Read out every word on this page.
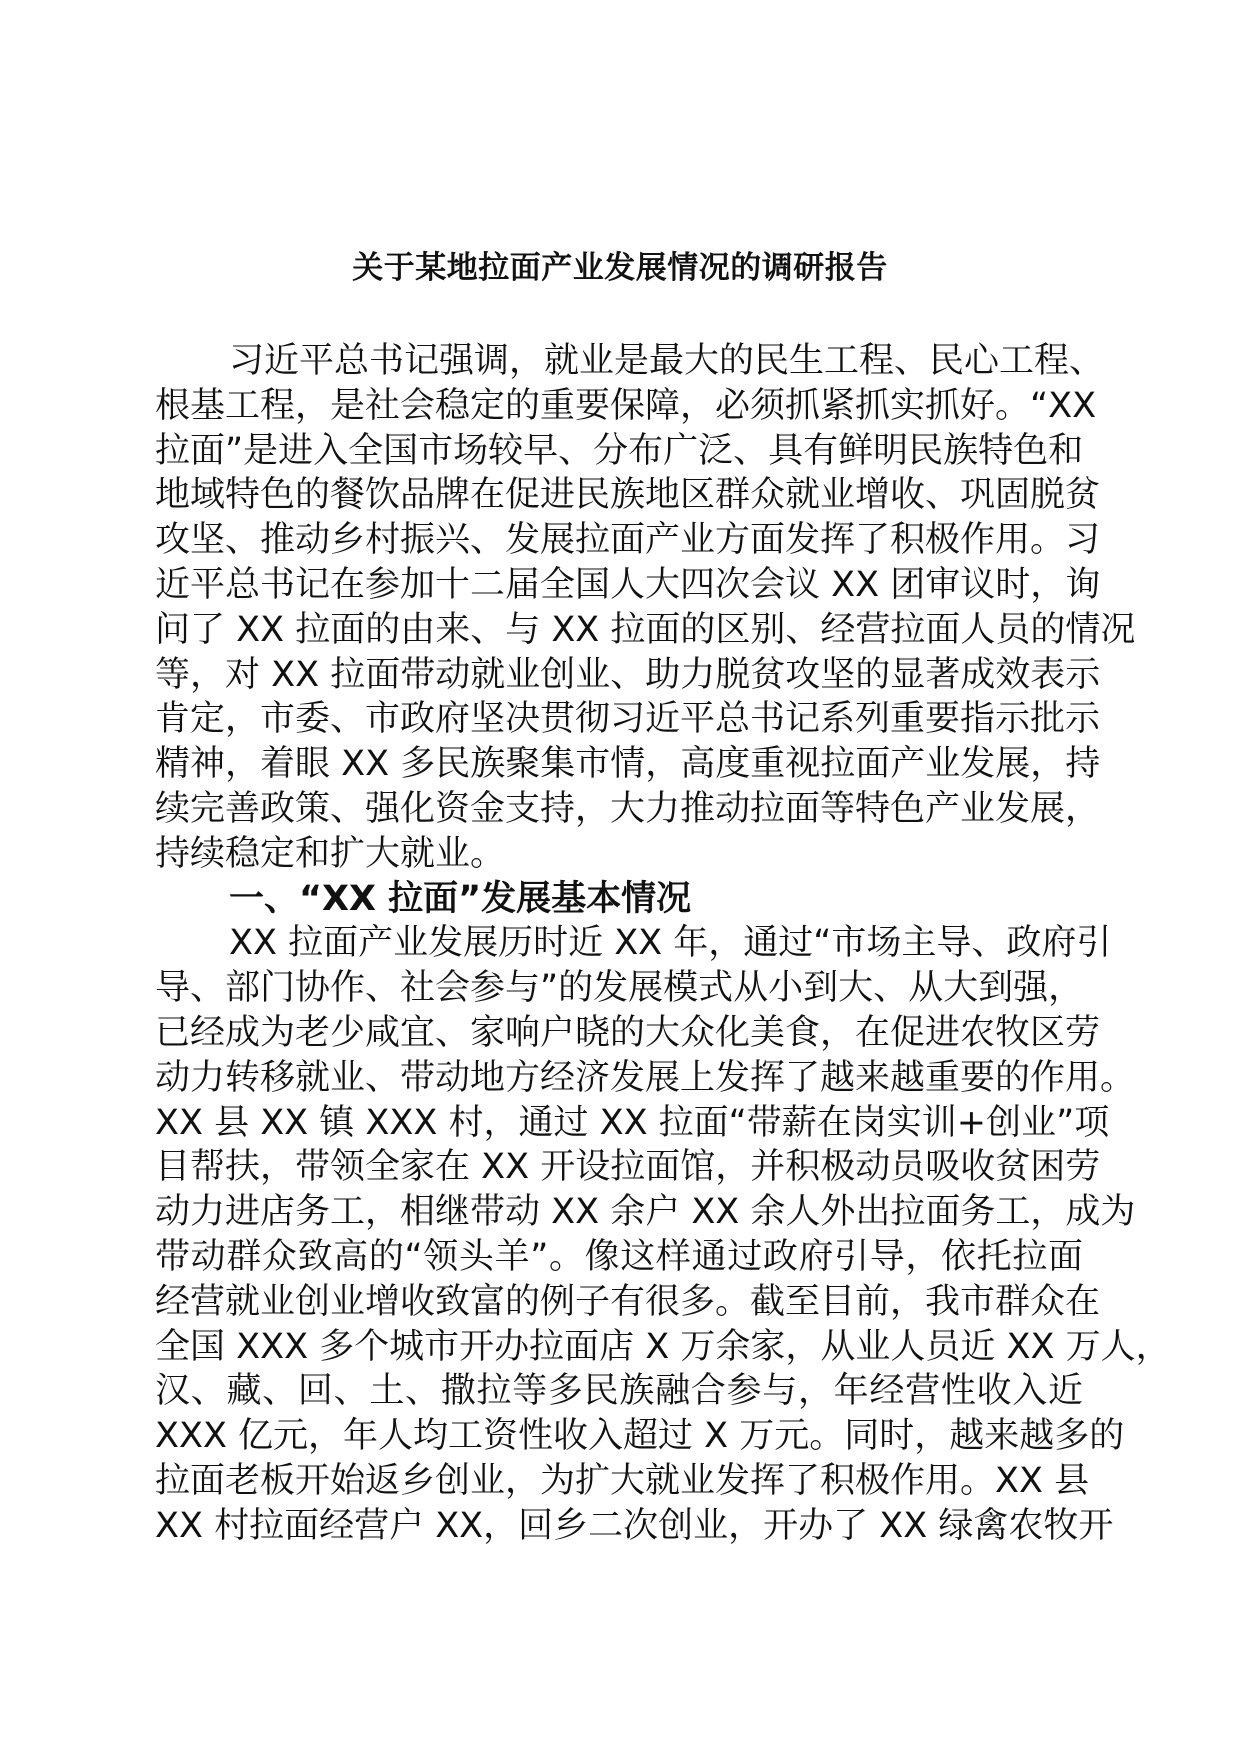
关于某地拉面产业发展情况的调研报告
习近平总书记强调，就业是最大的民生工程、民心工程、
根基工程，是社会稳定的重要保障，必须抓紧抓实抓好。“XX
拉面”是进入全国市场较早、分布广泛、具有鲜明民族特色和
地域特色的餐饮品牌在促进民族地区群众就业增收、巩固脱贫
攻坚、推动乡村振兴、发展拉面产业方面发挥了积极作用。习
近平总书记在参加十二届全国人大四次会议 XX 团审议时，询
问了 XX 拉面的由来、与 XX 拉面的区别、经营拉面人员的情况
等，对 XX 拉面带动就业创业、助力脱贫攻坚的显著成效表示
肯定，市委、市政府坚决贯彻习近平总书记系列重要指示批示
精神，着眼 XX 多民族聚集市情，高度重视拉面产业发展，持
续完善政策、强化资金支持，大力推动拉面等特色产业发展，
持续稳定和扩大就业。
一、“XX 拉面”发展基本情况
XX 拉面产业发展历时近 XX 年，通过“市场主导、政府引
导、部门协作、社会参与”的发展模式从小到大、从大到强，
已经成为老少咸宜、家响户晓的大众化美食，在促进农牧区劳
动力转移就业、带动地方经济发展上发挥了越来越重要的作用。
XX 县 XX 镇 XXX 村，通过 XX 拉面“带薪在岗实训+创业”项
目帮扶，带领全家在 XX 开设拉面馆，并积极动员吸收贫困劳
动力进店务工，相继带动 XX 余户 XX 余人外出拉面务工，成为
带动群众致高的“领头羊”。像这样通过政府引导，依托拉面
经营就业创业增收致富的例子有很多。截至目前，我市群众在
全国 XXX 多个城市开办拉面店 X 万余家，从业人员近 XX 万人，
汉、藏、回、土、撒拉等多民族融合参与，年经营性收入近
XXX 亿元，年人均工资性收入超过 X 万元。同时，越来越多的
拉面老板开始返乡创业，为扩大就业发挥了积极作用。XX 县
XX 村拉面经营户 XX，回乡二次创业，开办了 XX 绿禽农牧开
